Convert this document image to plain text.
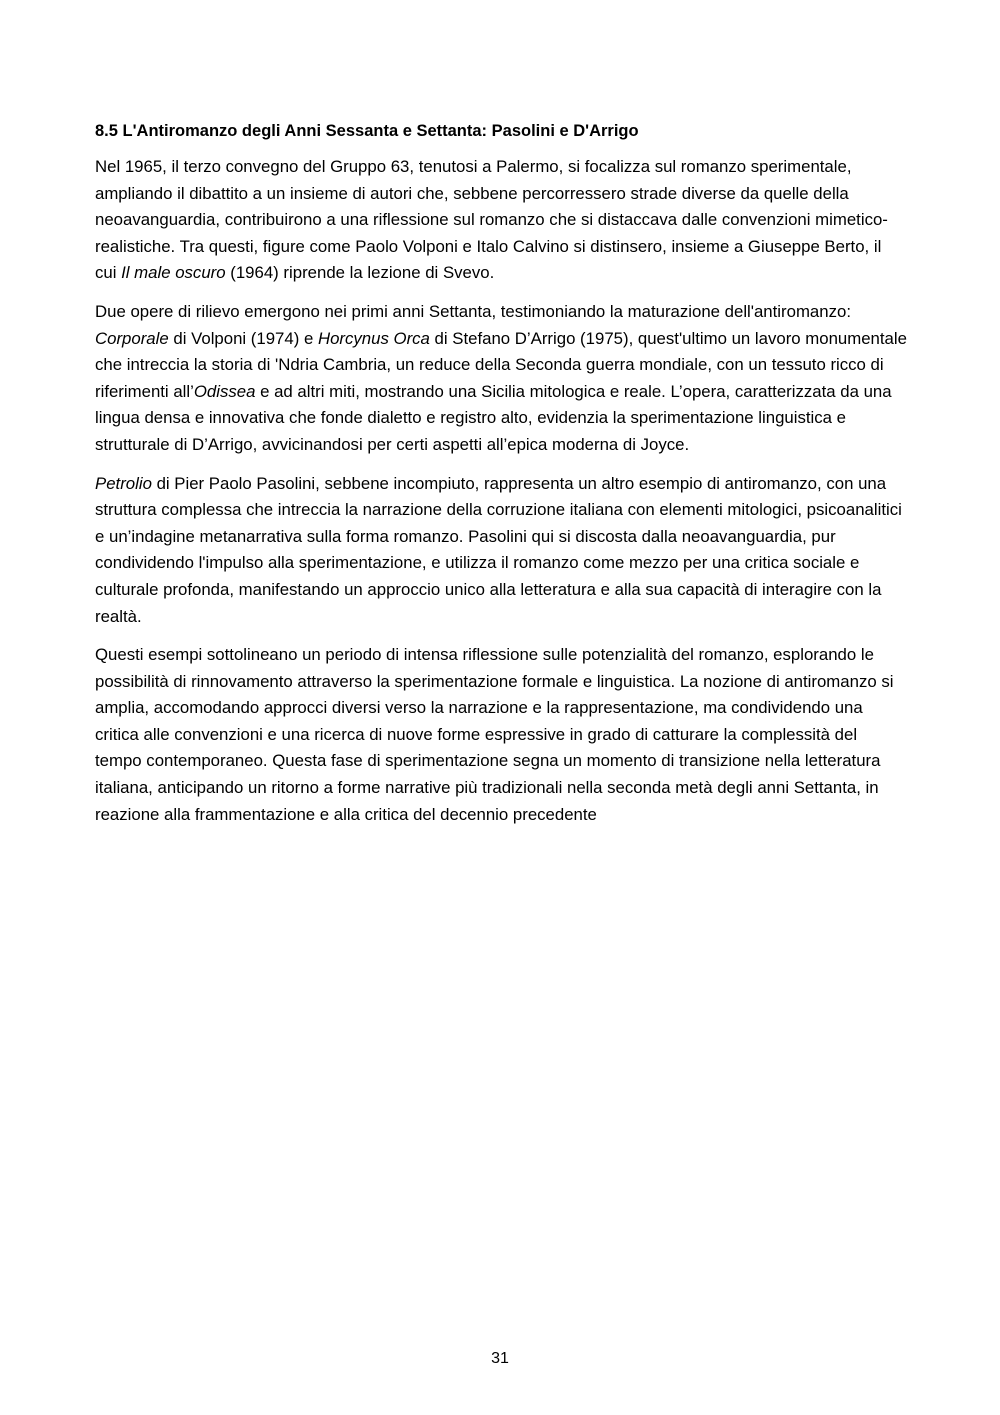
8.5 L'Antiromanzo degli Anni Sessanta e Settanta: Pasolini e D'Arrigo

Nel 1965, il terzo convegno del Gruppo 63, tenutosi a Palermo, si focalizza sul romanzo sperimentale, ampliando il dibattito a un insieme di autori che, sebbene percorressero strade diverse da quelle della neoavanguardia, contribuirono a una riflessione sul romanzo che si distaccava dalle convenzioni mimetico-realistiche. Tra questi, figure come Paolo Volponi e Italo Calvino si distinsero, insieme a Giuseppe Berto, il cui Il male oscuro (1964) riprende la lezione di Svevo.

Due opere di rilievo emergono nei primi anni Settanta, testimoniando la maturazione dell'antiromanzo: Corporale di Volponi (1974) e Horcynus Orca di Stefano D’Arrigo (1975), quest'ultimo un lavoro monumentale che intreccia la storia di 'Ndria Cambria, un reduce della Seconda guerra mondiale, con un tessuto ricco di riferimenti all’Odissea e ad altri miti, mostrando una Sicilia mitologica e reale. L’opera, caratterizzata da una lingua densa e innovativa che fonde dialetto e registro alto, evidenzia la sperimentazione linguistica e strutturale di D’Arrigo, avvicinandosi per certi aspetti all’epica moderna di Joyce.

Petrolio di Pier Paolo Pasolini, sebbene incompiuto, rappresenta un altro esempio di antiromanzo, con una struttura complessa che intreccia la narrazione della corruzione italiana con elementi mitologici, psicoanalitici e un’indagine metanarrativa sulla forma romanzo. Pasolini qui si discosta dalla neoavanguardia, pur condividendo l'impulso alla sperimentazione, e utilizza il romanzo come mezzo per una critica sociale e culturale profonda, manifestando un approccio unico alla letteratura e alla sua capacità di interagire con la realtà.

Questi esempi sottolineano un periodo di intensa riflessione sulle potenzialità del romanzo, esplorando le possibilità di rinnovamento attraverso la sperimentazione formale e linguistica. La nozione di antiromanzo si amplia, accomodando approcci diversi verso la narrazione e la rappresentazione, ma condividendo una critica alle convenzioni e una ricerca di nuove forme espressive in grado di catturare la complessità del tempo contemporaneo. Questa fase di sperimentazione segna un momento di transizione nella letteratura italiana, anticipando un ritorno a forme narrative più tradizionali nella seconda metà degli anni Settanta, in reazione alla frammentazione e alla critica del decennio precedente

31
